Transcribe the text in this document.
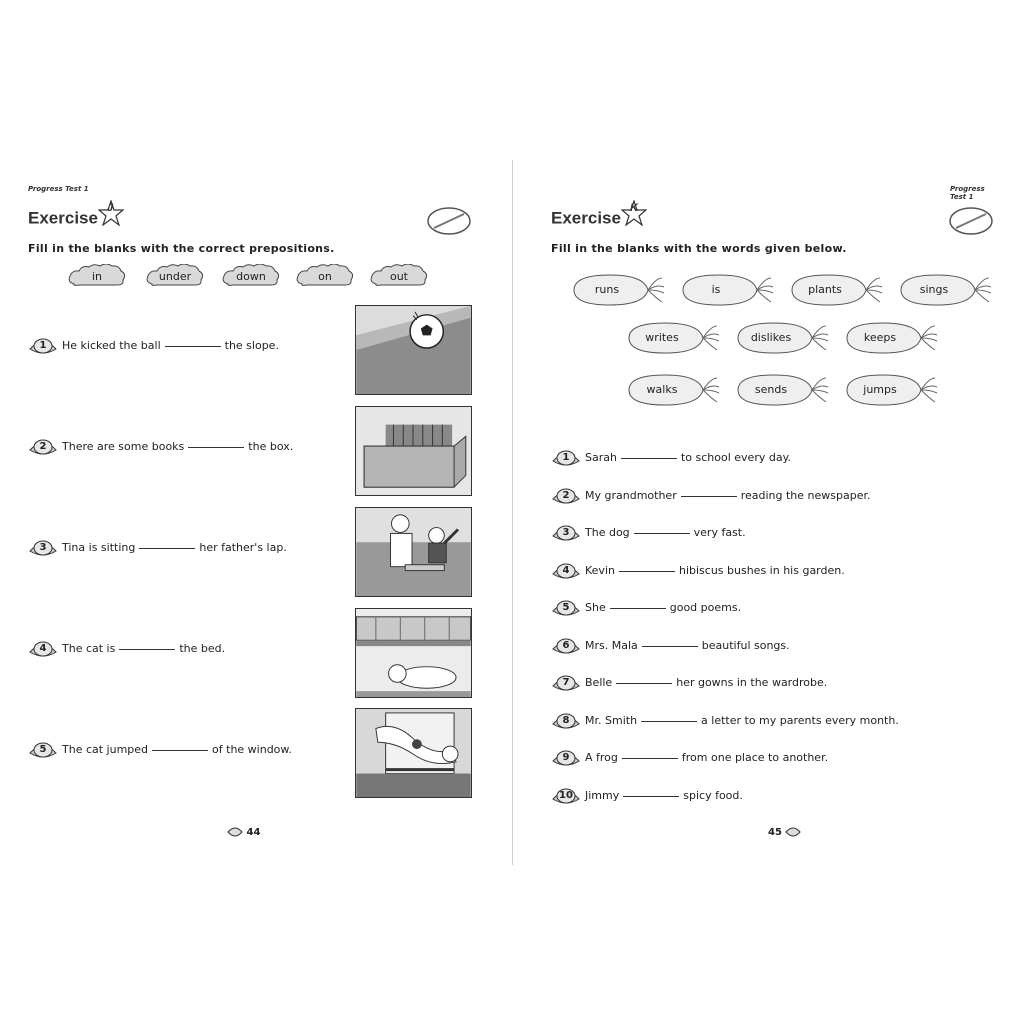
Progress Test 1
Exercise
J
Fill in the blanks with the correct prepositions.
in	under	down	on	out
1	He kicked the ball	the slope.
2	There are some books	the box.
3	Tina is sitting	her father's lap.
4	The cat is	the bed.
5	The cat jumped	of the window.
44
Progress Test 1
Exercise
K
Fill in the blanks with the words given below.
runs	is	plants	sings
writes	dislikes	keeps
walks	sends	jumps
1	Sarah	to school every day.
2	My grandmother	reading the newspaper.
3	The dog	very fast.
4	Kevin	hibiscus bushes in his garden.
5	She	good poems.
6	Mrs. Mala	beautiful songs.
7	Belle	her gowns in the wardrobe.
8	Mr. Smith	a letter to my parents every month.
9	A frog	from one place to another.
10	Jimmy	spicy food.
45
